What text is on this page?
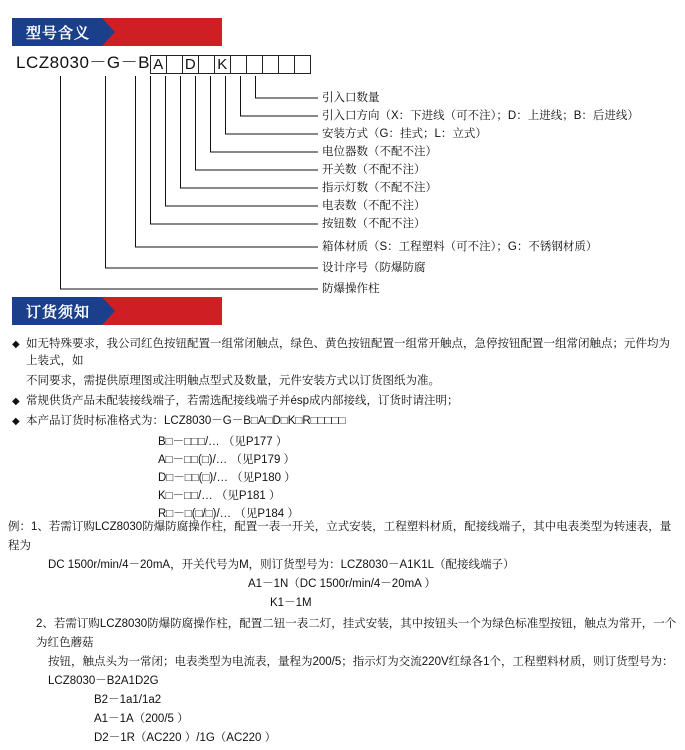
型号含义
LCZ8030－G－B A D K
引入口数量
引入口方向（X：下进线（可不注）；D：上进线；B：后进线）
安装方式（G：挂式；L：立式）
电位器数（不配不注）
开关数（不配不注）
指示灯数（不配不注）
电表数（不配不注）
按钮数（不配不注）
箱体材质（S：工程塑料（可不注）；G：不锈钢材质）
设计序号（防爆防腐
防爆操作柱
订货须知
◆ 如无特殊要求，我公司红色按钮配置一组常闭触点，绿色、黄色按钮配置一组常开触点，急停按钮配置一组常闭触点；元件均为上装式，如
不同要求，需提供原理图或注明触点型式及数量，元件安装方式以订货图纸为准。
◆ 常规供货产品未配装接线端子，若需选配接线端子并ésp成内部接线，订货时请注明；
◆ 本产品订货时标准格式为：LCZ8030－G－B□A□D□K□R□□□□□
B□－□□□/… （见P177 ）
A□－□□(□)/… （见P179 ）
D□－□□(□)/… （见P180 ）
K□－□□/… （见P181 ）
R□－□(□/□)/… （见P184 ）
例：1、若需订购LCZ8030防爆防腐操作柱，配置一表一开关，立式安装，工程塑料材质，配接线端子，其中电表类型为转速表，量程为
DC 1500r/min/4－20mA，开关代号为M，则订货型号为：LCZ8030－A1K1L（配接线端子）
A1－1N（DC 1500r/min/4－20mA ）
K1－1M
2、若需订购LCZ8030防爆防腐操作柱，配置二钮一表二灯，挂式安装，其中按钮头一个为绿色标准型按钮，触点为常开，一个为红色蘑菇
按钮，触点头为一常闭；电表类型为电流表，量程为200/5；指示灯为交流220V红绿各1个，工程塑料材质，则订货型号为：
LCZ8030－B2A1D2G
B2－1a1/1a2
A1－1A（200/5 ）
D2－1R（AC220 ）/1G（AC220 ）
